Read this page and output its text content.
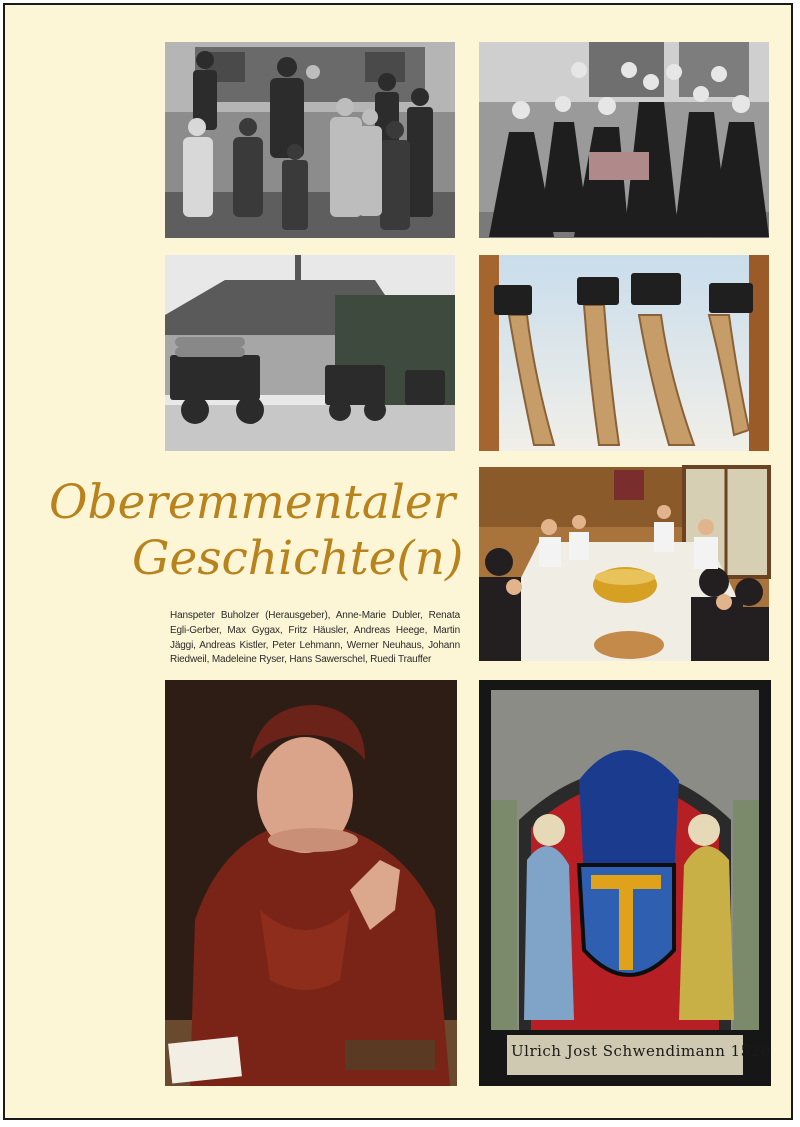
Ulrich Jost Schwendimann 1520
Oberemmentaler
Geschichte(n)
Hanspeter Buholzer (Herausgeber), Anne-Marie Dubler, Renata Egli-Gerber, Max Gygax, Fritz Häusler, Andreas Heege, Martin Jäggi, Andreas Kistler, Peter Lehmann, Werner Neuhaus, Johann Riedweil, Madeleine Ryser, Hans Sawerschel, Ruedi Trauffer
